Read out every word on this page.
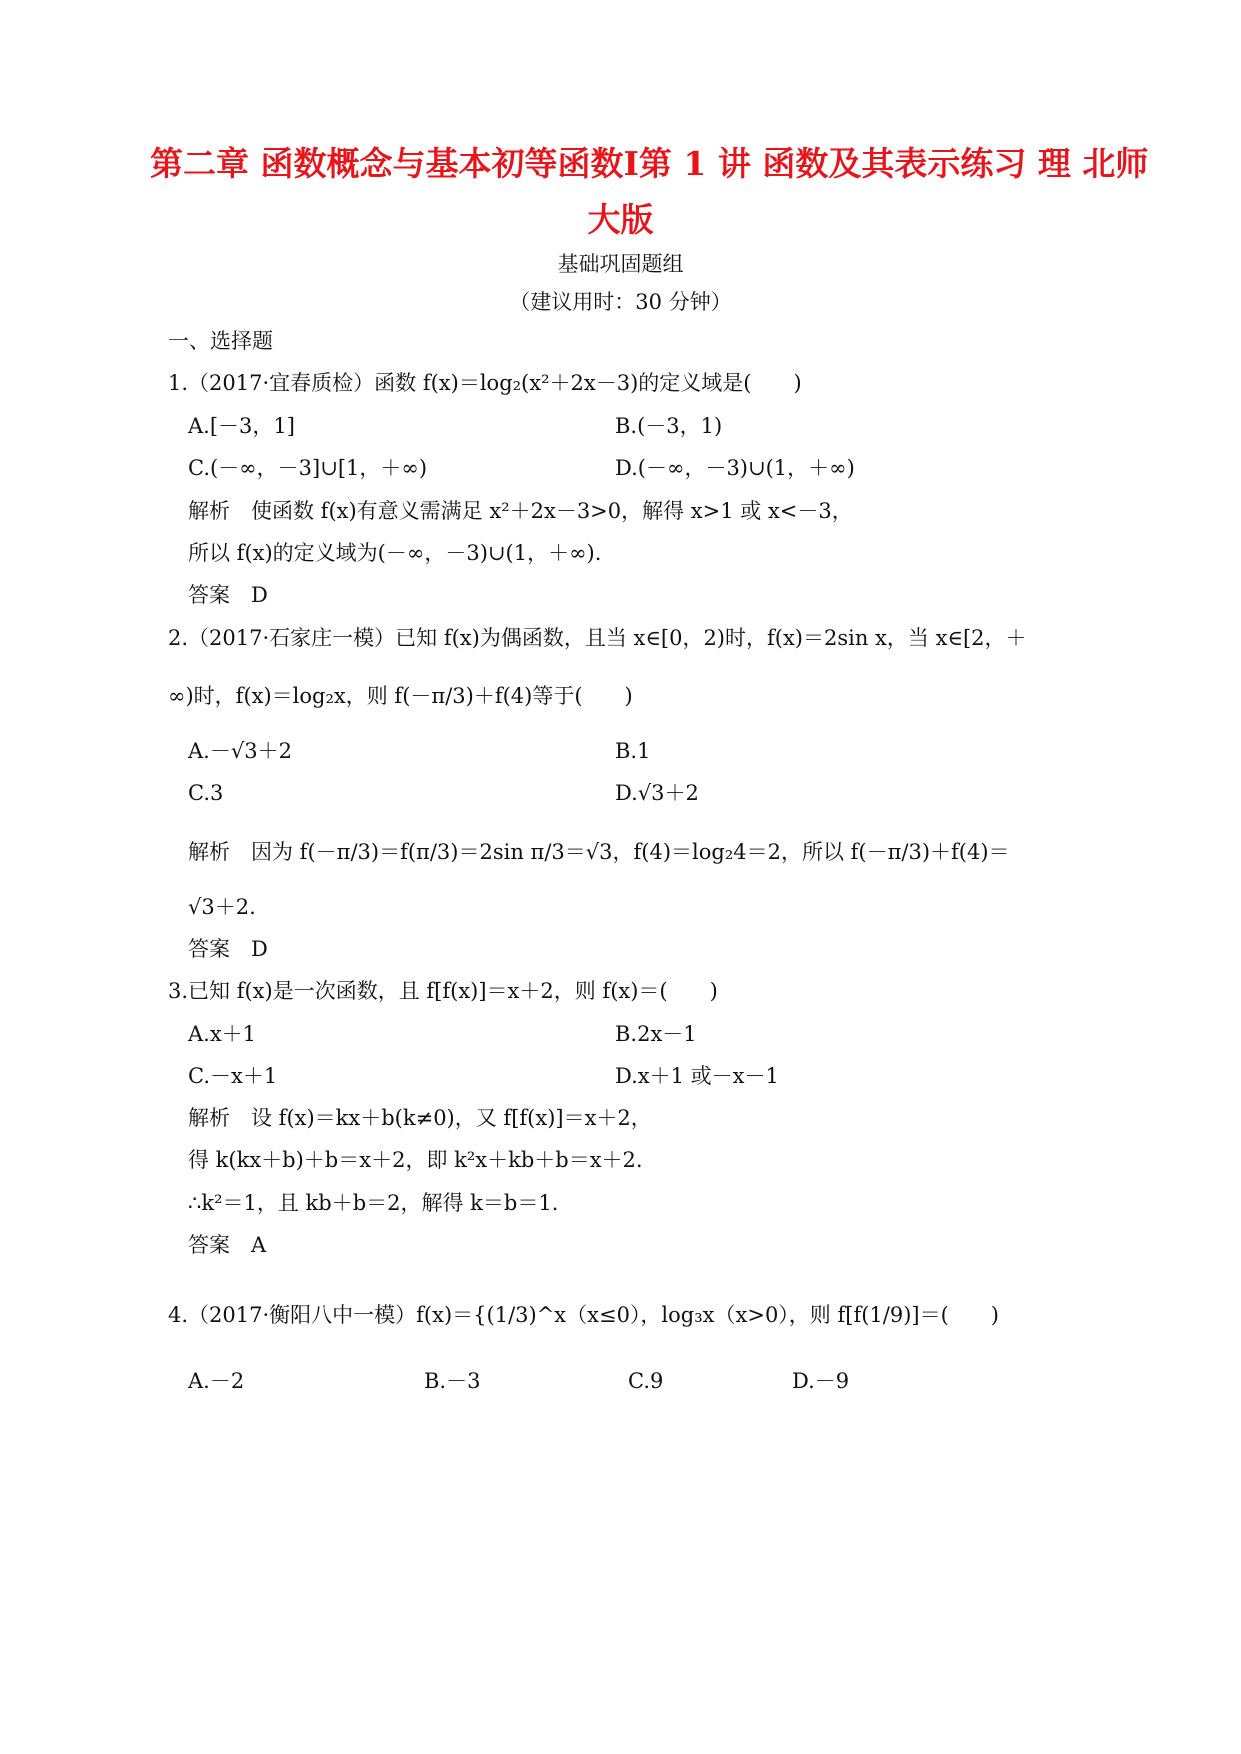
第二章 函数概念与基本初等函数Ⅰ第 1 讲 函数及其表示练习 理 北师
大版
基础巩固题组
（建议用时：30 分钟）
一、选择题
1.（2017·宜春质检）函数 f(x)＝log₂(x²＋2x－3)的定义域是(　　)
A.[－3，1]	B.(－3，1)
C.(－∞，－3]∪[1，＋∞)	D.(－∞，－3)∪(1，＋∞)
解析　使函数 f(x)有意义需满足 x²＋2x－3>0，解得 x>1 或 x<－3，
所以 f(x)的定义域为(－∞，－3)∪(1，＋∞).
答案　D
2.（2017·石家庄一模）已知 f(x)为偶函数，且当 x∈[0，2)时，f(x)＝2sin x，当 x∈[2，＋
∞)时，f(x)＝log₂x，则 f(－π/3)＋f(4)等于(　　)
A.－√3＋2	B.1
C.3	D.√3＋2
解析　因为 f(－π/3)＝f(π/3)＝2sin π/3＝√3，f(4)＝log₂4＝2，所以 f(－π/3)＋f(4)＝
√3＋2.
答案　D
3.已知 f(x)是一次函数，且 f[f(x)]＝x＋2，则 f(x)＝(　　)
A.x＋1	B.2x－1
C.－x＋1	D.x＋1 或－x－1
解析　设 f(x)＝kx＋b(k≠0)，又 f[f(x)]＝x＋2，
得 k(kx＋b)＋b＝x＋2，即 k²x＋kb＋b＝x＋2.
∴k²＝1，且 kb＋b＝2，解得 k＝b＝1.
答案　A
4.（2017·衡阳八中一模）f(x)＝{(1/3)^x（x≤0），log₃x（x>0），则 f[f(1/9)]＝(　　)
A.－2	B.－3	C.9	D.－9
